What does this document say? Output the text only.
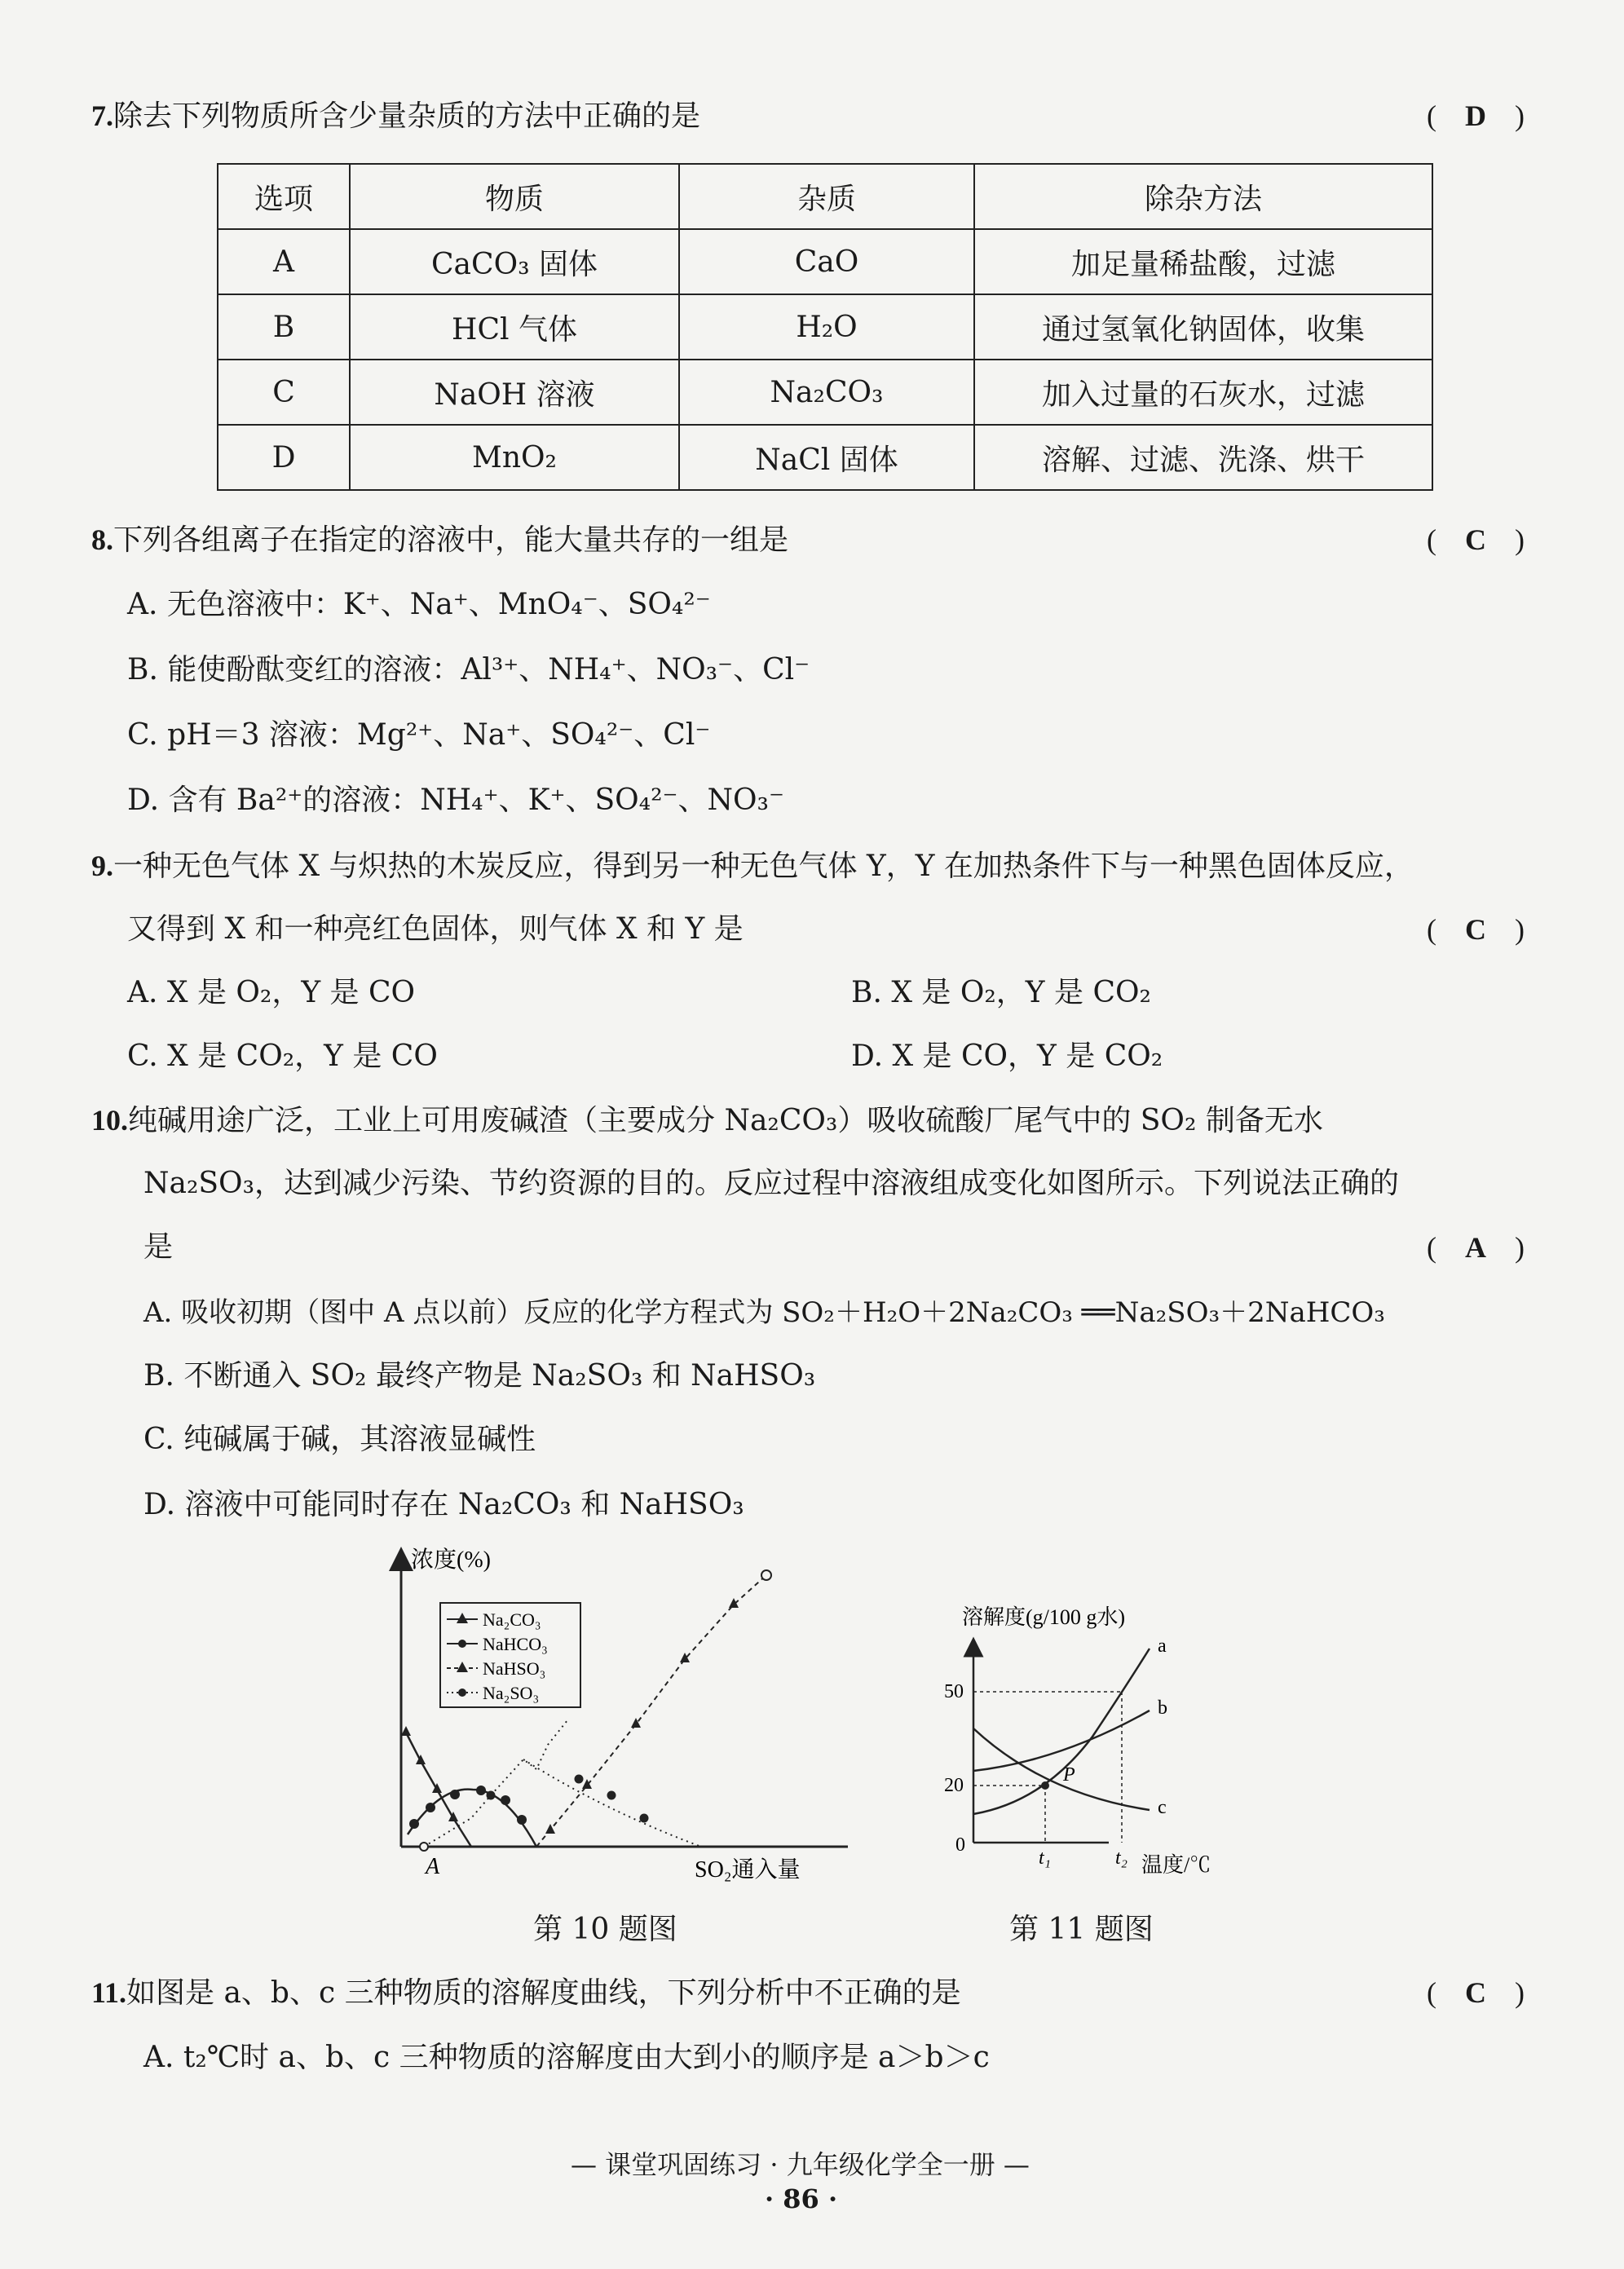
7.除去下列物质所含少量杂质的方法中正确的是	( D )
选项	物质	杂质	除杂方法
A	CaCO₃ 固体	CaO	加足量稀盐酸，过滤
B	HCl 气体	H₂O	通过氢氧化钠固体，收集
C	NaOH 溶液	Na₂CO₃	加入过量的石灰水，过滤
D	MnO₂	NaCl 固体	溶解、过滤、洗涤、烘干
8.下列各组离子在指定的溶液中，能大量共存的一组是	( C )
A. 无色溶液中：K⁺、Na⁺、MnO₄⁻、SO₄²⁻
B. 能使酚酞变红的溶液：Al³⁺、NH₄⁺、NO₃⁻、Cl⁻
C. pH＝3 溶液：Mg²⁺、Na⁺、SO₄²⁻、Cl⁻
D. 含有 Ba²⁺的溶液：NH₄⁺、K⁺、SO₄²⁻、NO₃⁻
9.一种无色气体 X 与炽热的木炭反应，得到另一种无色气体 Y，Y 在加热条件下与一种黑色固体反应，
又得到 X 和一种亮红色固体，则气体 X 和 Y 是	( C )
A. X 是 O₂，Y 是 CO	B. X 是 O₂，Y 是 CO₂
C. X 是 CO₂，Y 是 CO	D. X 是 CO，Y 是 CO₂
10.纯碱用途广泛，工业上可用废碱渣（主要成分 Na₂CO₃）吸收硫酸厂尾气中的 SO₂ 制备无水
Na₂SO₃，达到减少污染、节约资源的目的。反应过程中溶液组成变化如图所示。下列说法正确的
是	( A )
A. 吸收初期（图中 A 点以前）反应的化学方程式为 SO₂＋H₂O＋2Na₂CO₃ ══Na₂SO₃＋2NaHCO₃
B. 不断通入 SO₂ 最终产物是 Na₂SO₃ 和 NaHSO₃
C. 纯碱属于碱，其溶液显碱性
D. 溶液中可能同时存在 Na₂CO₃ 和 NaHSO₃
浓度(%)
SO₂通入量
A
Na₂CO₃
NaHCO₃
NaHSO₃
Na₂SO₃
第 10 题图
溶解度(g/100 g水)
温度/℃
0
20
50
t₁	t₂
P
a
b
c
第 11 题图
11.如图是 a、b、c 三种物质的溶解度曲线，下列分析中不正确的是	( C )
A. t₂℃时 a、b、c 三种物质的溶解度由大到小的顺序是 a＞b＞c
— 课堂巩固练习 · 九年级化学全一册 —
· 86 ·
